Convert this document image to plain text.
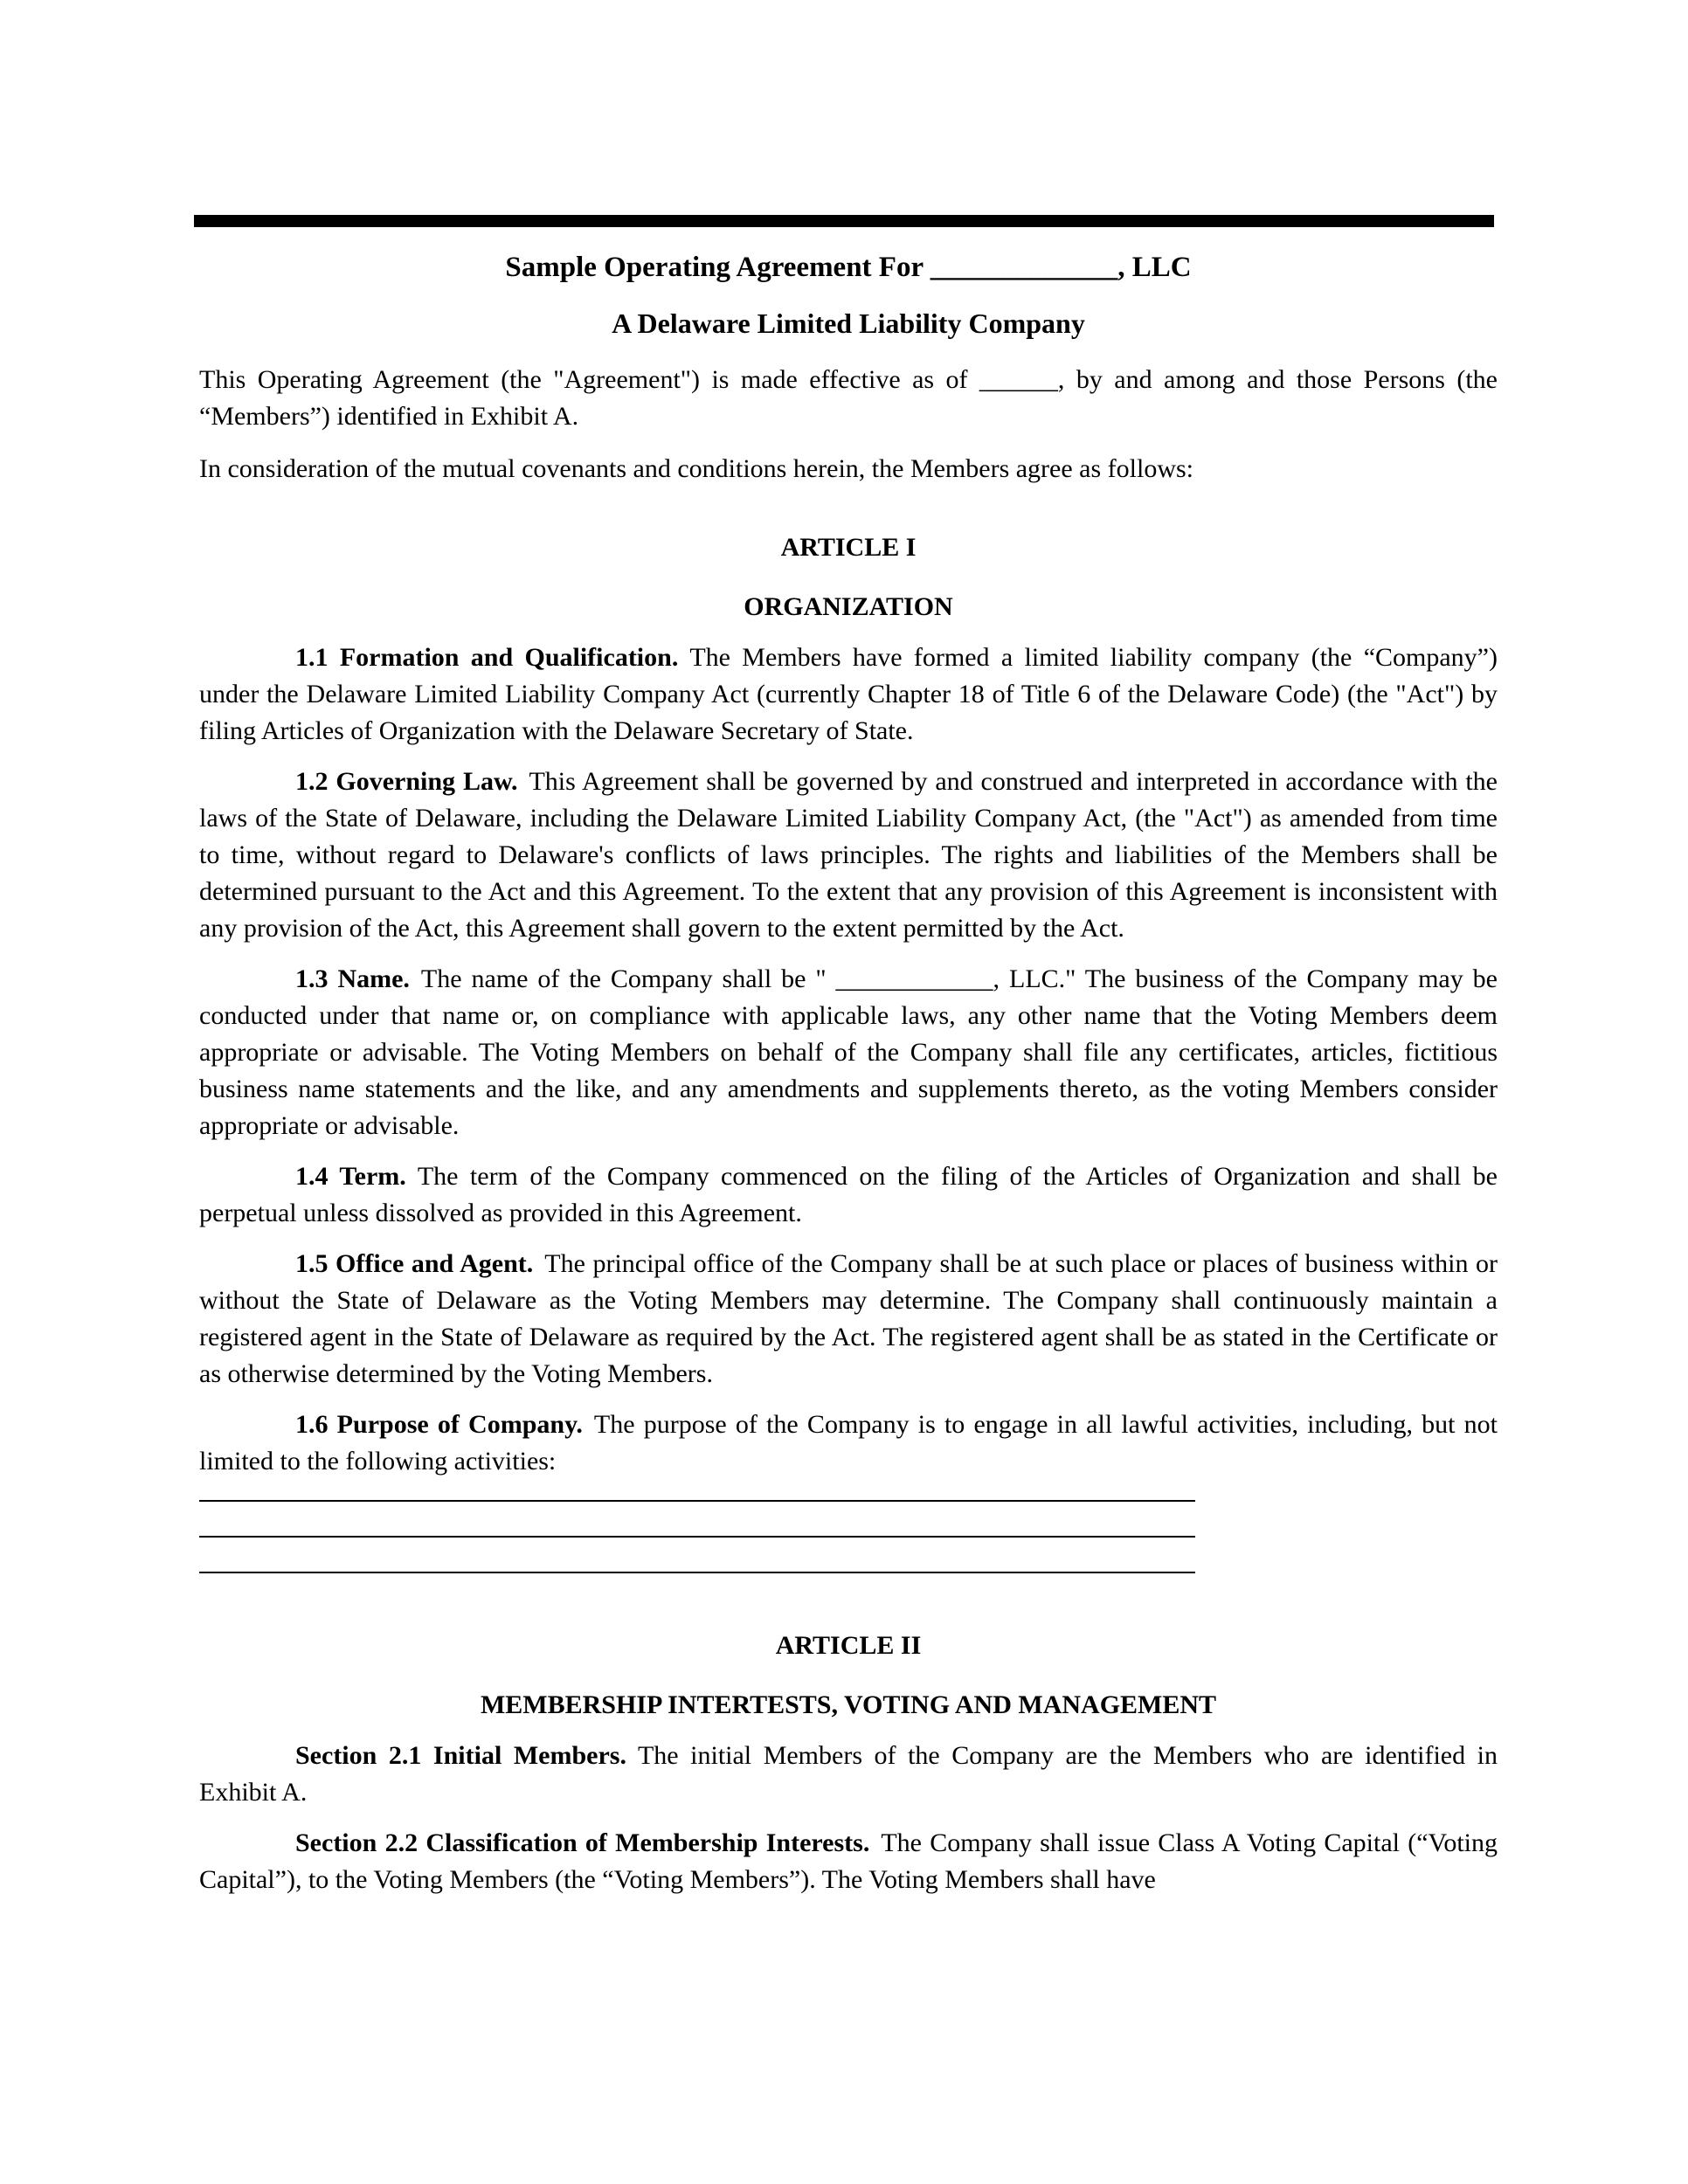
Sample Operating Agreement For _____________, LLC
A Delaware Limited Liability Company

This Operating Agreement (the "Agreement") is made effective as of ______, by and among and those Persons (the “Members”) identified in Exhibit A.

In consideration of the mutual covenants and conditions herein, the Members agree as follows:

ARTICLE I
ORGANIZATION

1.1 Formation and Qualification. The Members have formed a limited liability company (the “Company”) under the Delaware Limited Liability Company Act (currently Chapter 18 of Title 6 of the Delaware Code) (the "Act") by filing Articles of Organization with the Delaware Secretary of State.

1.2 Governing Law. This Agreement shall be governed by and construed and interpreted in accordance with the laws of the State of Delaware, including the Delaware Limited Liability Company Act, (the "Act") as amended from time to time, without regard to Delaware's conflicts of laws principles. The rights and liabilities of the Members shall be determined pursuant to the Act and this Agreement. To the extent that any provision of this Agreement is inconsistent with any provision of the Act, this Agreement shall govern to the extent permitted by the Act.

1.3 Name. The name of the Company shall be " ____________, LLC." The business of the Company may be conducted under that name or, on compliance with applicable laws, any other name that the Voting Members deem appropriate or advisable. The Voting Members on behalf of the Company shall file any certificates, articles, fictitious business name statements and the like, and any amendments and supplements thereto, as the voting Members consider appropriate or advisable.

1.4 Term. The term of the Company commenced on the filing of the Articles of Organization and shall be perpetual unless dissolved as provided in this Agreement.

1.5 Office and Agent. The principal office of the Company shall be at such place or places of business within or without the State of Delaware as the Voting Members may determine. The Company shall continuously maintain a registered agent in the State of Delaware as required by the Act. The registered agent shall be as stated in the Certificate or as otherwise determined by the Voting Members.

1.6 Purpose of Company. The purpose of the Company is to engage in all lawful activities, including, but not limited to the following activities:

ARTICLE II
MEMBERSHIP INTERTESTS, VOTING AND MANAGEMENT

Section 2.1 Initial Members. The initial Members of the Company are the Members who are identified in Exhibit A.

Section 2.2 Classification of Membership Interests. The Company shall issue Class A Voting Capital (“Voting Capital”), to the Voting Members (the “Voting Members”). The Voting Members shall have
